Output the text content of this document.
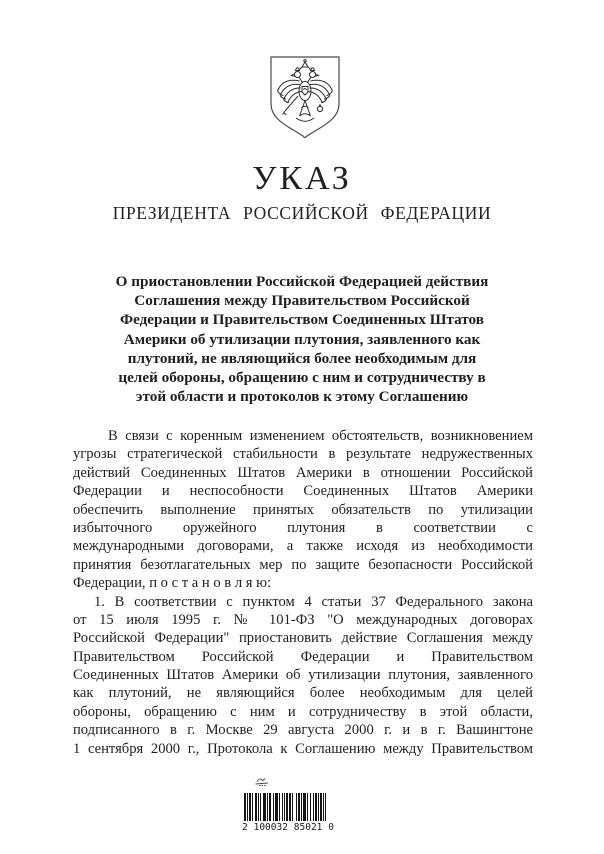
УКАЗ
ПРЕЗИДЕНТА РОССИЙСКОЙ ФЕДЕРАЦИИ
О приостановлении Российской Федерацией действия
Соглашения между Правительством Российской
Федерации и Правительством Соединенных Штатов
Америки об утилизации плутония, заявленного как
плутоний, не являющийся более необходимым для
целей обороны, обращению с ним и сотрудничеству в
этой области и протоколов к этому Соглашению
В связи с коренным изменением обстоятельств, возникновением
угрозы стратегической стабильности в результате недружественных
действий Соединенных Штатов Америки в отношении Российской
Федерации и неспособности Соединенных Штатов Америки
обеспечить выполнение принятых обязательств по утилизации
избыточного оружейного плутония в соответствии с
международными договорами, а также исходя из необходимости
принятия безотлагательных мер по защите безопасности Российской
Федерации, п о с т а н о в л я ю:
1. В соответствии с пунктом 4 статьи 37 Федерального закона
от 15 июля 1995 г. № 101-ФЗ "О международных договорах
Российской Федерации" приостановить действие Соглашения между
Правительством Российской Федерации и Правительством
Соединенных Штатов Америки об утилизации плутония, заявленного
как плутоний, не являющийся более необходимым для целей
обороны, обращению с ним и сотрудничеству в этой области,
подписанного в г. Москве 29 августа 2000 г. и в г. Вашингтоне
1 сентября 2000 г., Протокола к Соглашению между Правительством
2 100032 85021 0
